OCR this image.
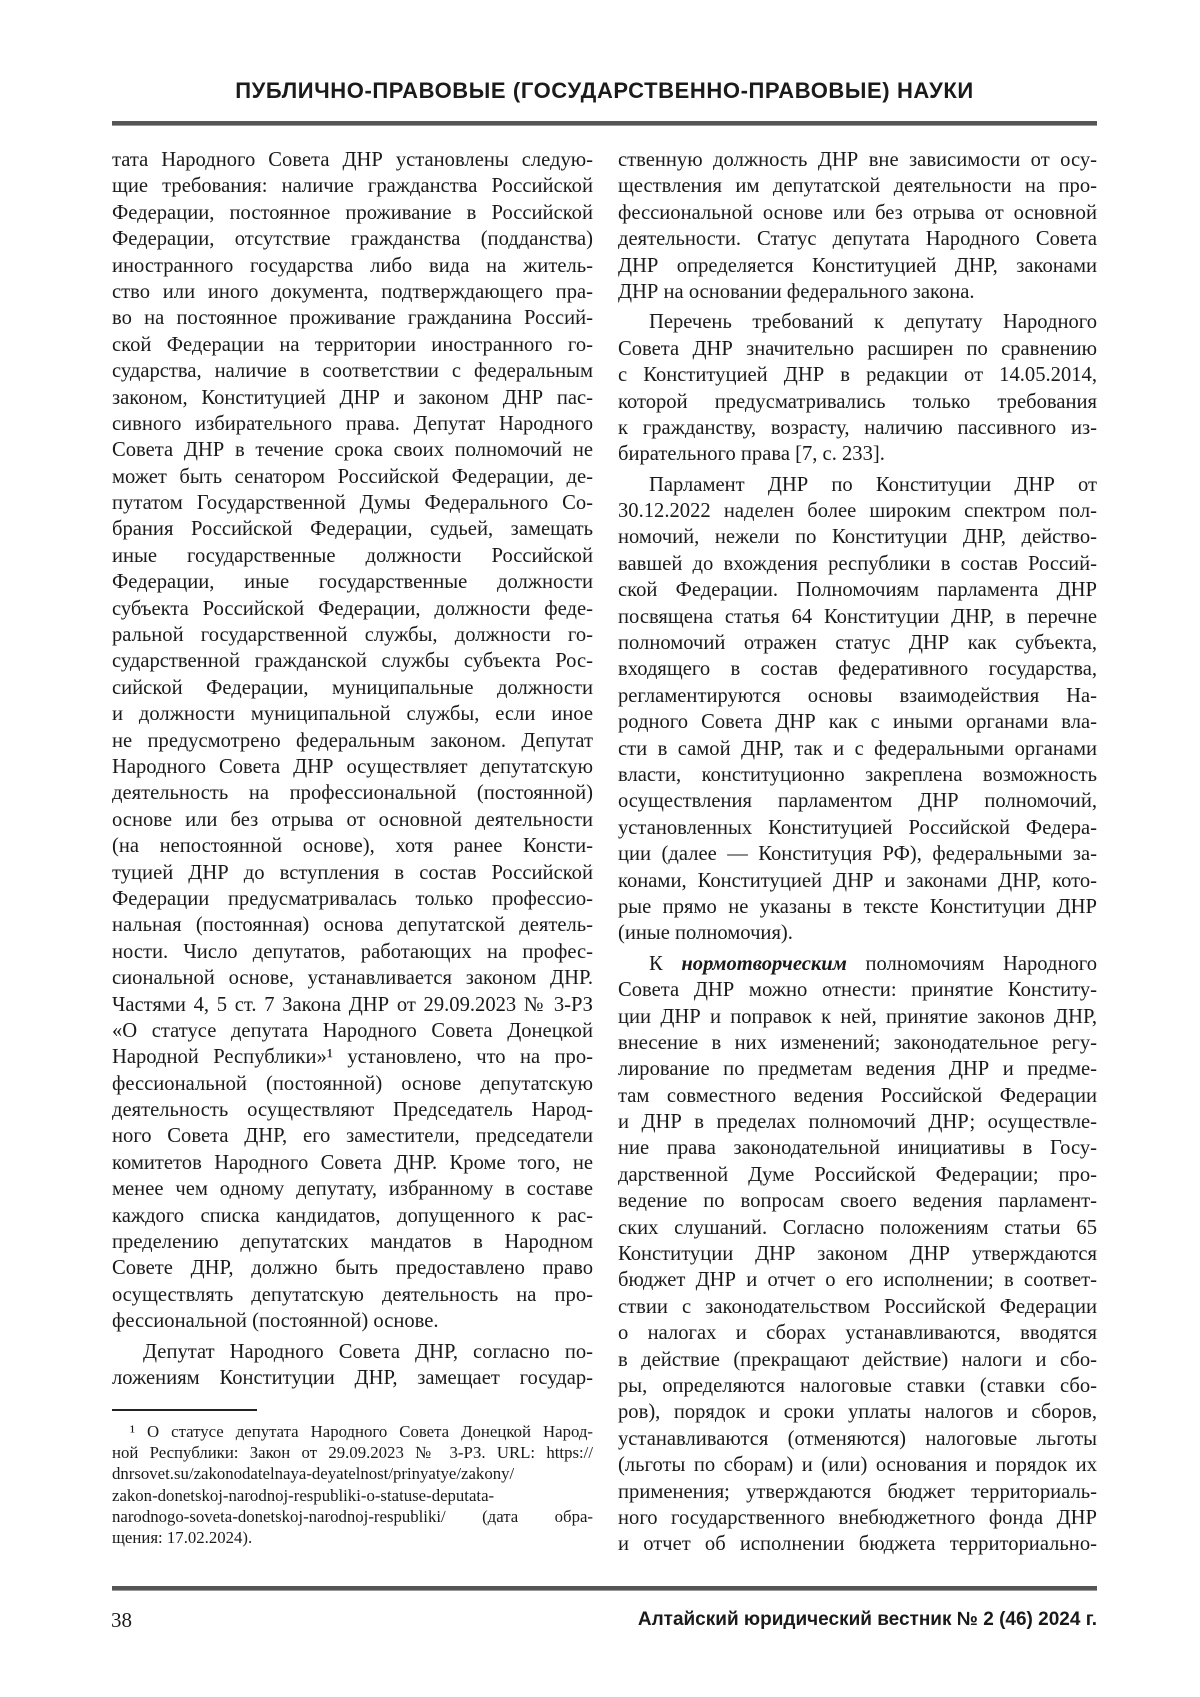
ПУБЛИЧНО-ПРАВОВЫЕ (ГОСУДАРСТВЕННО-ПРАВОВЫЕ) НАУКИ
тата Народного Совета ДНР установлены следую-
щие требования: наличие гражданства Российской
Федерации, постоянное проживание в Российской
Федерации, отсутствие гражданства (подданства)
иностранного государства либо вида на житель-
ство или иного документа, подтверждающего пра-
во на постоянное проживание гражданина Россий-
ской Федерации на территории иностранного го-
сударства, наличие в соответствии с федеральным
законом, Конституцией ДНР и законом ДНР пас-
сивного избирательного права. Депутат Народного
Совета ДНР в течение срока своих полномочий не
может быть сенатором Российской Федерации, де-
путатом Государственной Думы Федерального Со-
брания Российской Федерации, судьей, замещать
иные государственные должности Российской
Федерации, иные государственные должности
субъекта Российской Федерации, должности феде-
ральной государственной службы, должности го-
сударственной гражданской службы субъекта Рос-
сийской Федерации, муниципальные должности
и должности муниципальной службы, если иное
не предусмотрено федеральным законом. Депутат
Народного Совета ДНР осуществляет депутатскую
деятельность на профессиональной (постоянной)
основе или без отрыва от основной деятельности
(на непостоянной основе), хотя ранее Консти-
туцией ДНР до вступления в состав Российской
Федерации предусматривалась только профессио-
нальная (постоянная) основа депутатской деятель-
ности. Число депутатов, работающих на профес-
сиональной основе, устанавливается законом ДНР.
Частями 4, 5 ст. 7 Закона ДНР от 29.09.2023 № 3-РЗ
«О статусе депутата Народного Совета Донецкой
Народной Республики»¹ установлено, что на про-
фессиональной (постоянной) основе депутатскую
деятельность осуществляют Председатель Народ-
ного Совета ДНР, его заместители, председатели
комитетов Народного Совета ДНР. Кроме того, не
менее чем одному депутату, избранному в составе
каждого списка кандидатов, допущенного к рас-
пределению депутатских мандатов в Народном
Совете ДНР, должно быть предоставлено право
осуществлять депутатскую деятельность на про-
фессиональной (постоянной) основе.
Депутат Народного Совета ДНР, согласно по-
ложениям Конституции ДНР, замещает государ-
ственную должность ДНР вне зависимости от осу-
ществления им депутатской деятельности на про-
фессиональной основе или без отрыва от основной
деятельности. Статус депутата Народного Совета
ДНР определяется Конституцией ДНР, законами
ДНР на основании федерального закона.
Перечень требований к депутату Народного
Совета ДНР значительно расширен по сравнению
с Конституцией ДНР в редакции от 14.05.2014,
которой предусматривались только требования
к гражданству, возрасту, наличию пассивного из-
бирательного права [7, с. 233].
Парламент ДНР по Конституции ДНР от
30.12.2022 наделен более широким спектром пол-
номочий, нежели по Конституции ДНР, действо-
вавшей до вхождения республики в состав Россий-
ской Федерации. Полномочиям парламента ДНР
посвящена статья 64 Конституции ДНР, в перечне
полномочий отражен статус ДНР как субъекта,
входящего в состав федеративного государства,
регламентируются основы взаимодействия На-
родного Совета ДНР как с иными органами вла-
сти в самой ДНР, так и с федеральными органами
власти, конституционно закреплена возможность
осуществления парламентом ДНР полномочий,
установленных Конституцией Российской Федера-
ции (далее — Конституция РФ), федеральными за-
конами, Конституцией ДНР и законами ДНР, кото-
рые прямо не указаны в тексте Конституции ДНР
(иные полномочия).
К нормотворческим полномочиям Народного
Совета ДНР можно отнести: принятие Конститу-
ции ДНР и поправок к ней, принятие законов ДНР,
внесение в них изменений; законодательное регу-
лирование по предметам ведения ДНР и предме-
там совместного ведения Российской Федерации
и ДНР в пределах полномочий ДНР; осуществле-
ние права законодательной инициативы в Госу-
дарственной Думе Российской Федерации; про-
ведение по вопросам своего ведения парламент-
ских слушаний. Согласно положениям статьи 65
Конституции ДНР законом ДНР утверждаются
бюджет ДНР и отчет о его исполнении; в соответ-
ствии с законодательством Российской Федерации
о налогах и сборах устанавливаются, вводятся
в действие (прекращают действие) налоги и сбо-
ры, определяются налоговые ставки (ставки сбо-
ров), порядок и сроки уплаты налогов и сборов,
устанавливаются (отменяются) налоговые льготы
(льготы по сборам) и (или) основания и порядок их
применения; утверждаются бюджет территориаль-
ного государственного внебюджетного фонда ДНР
и отчет об исполнении бюджета территориально-
¹ О статусе депутата Народного Совета Донецкой Народ-
ной Республики: Закон от 29.09.2023 № 3-РЗ. URL: https://
dnrsovet.su/zakonodatelnaya-deyatelnost/prinyatye/zakony/
zakon-donetskoj-narodnoj-respubliki-o-statuse-deputata-
narodnogo-soveta-donetskoj-narodnoj-respubliki/ (дата обра-
щения: 17.02.2024).
38	Алтайский юридический вестник № 2 (46) 2024 г.
